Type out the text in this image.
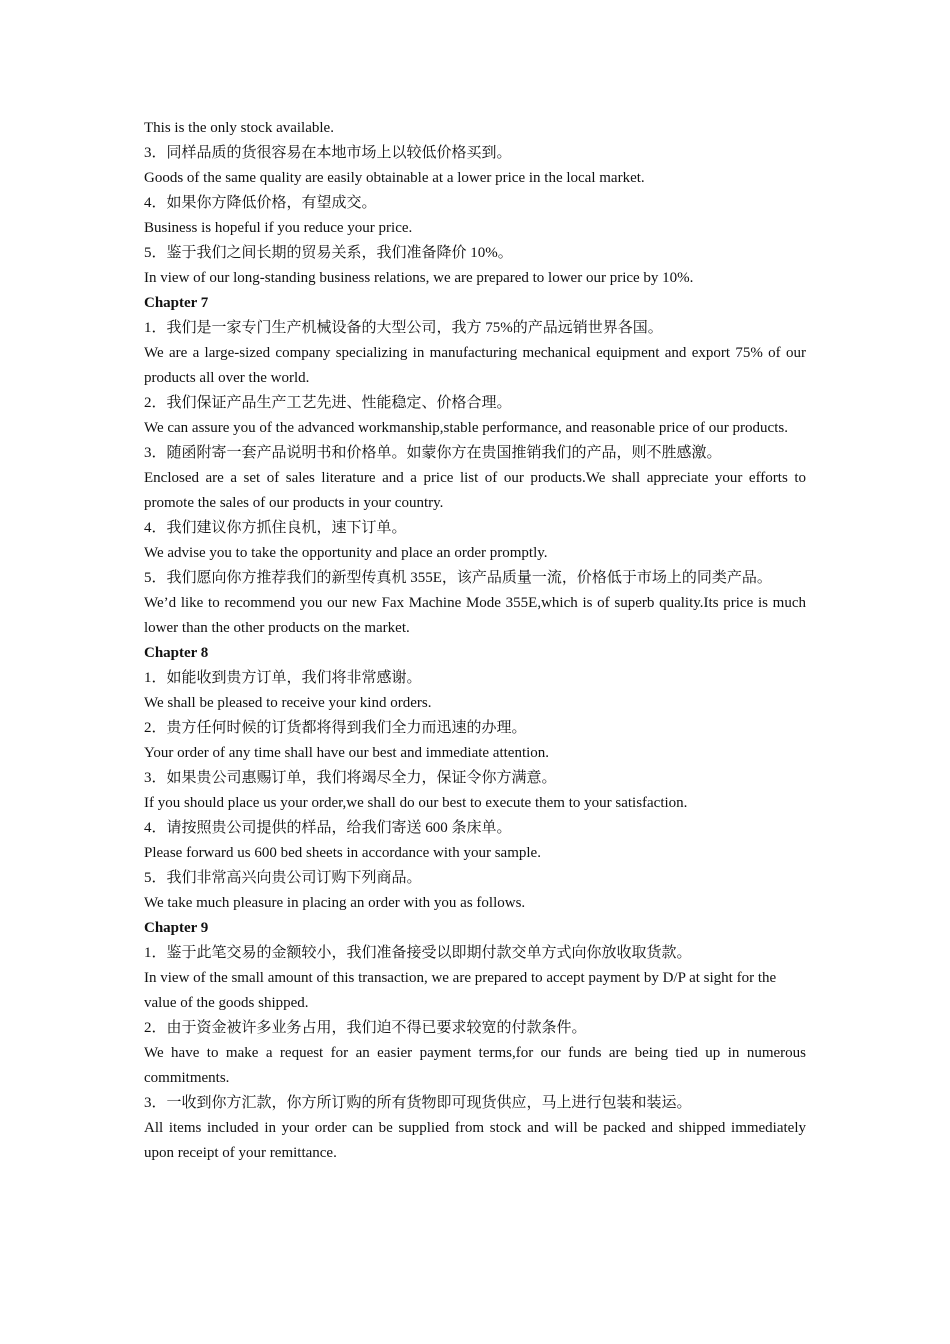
This is the only stock available.

3．同样品质的货很容易在本地市场上以较低价格买到。

Goods of the same quality are easily obtainable at a lower price in the local market.

4．如果你方降低价格，有望成交。

Business is hopeful if you reduce your price.

5．鉴于我们之间长期的贸易关系，我们准备降价 10%。

In view of our long-standing business relations, we are prepared to lower our price by 10%.

Chapter 7

1．我们是一家专门生产机械设备的大型公司，我方 75%的产品远销世界各国。

We are a large-sized company specializing in manufacturing mechanical equipment and export 75% of our products all over the world.

2．我们保证产品生产工艺先进、性能稳定、价格合理。

We can assure you of the advanced workmanship,stable performance, and reasonable price of our products.

3．随函附寄一套产品说明书和价格单。如蒙你方在贵国推销我们的产品，则不胜感激。

Enclosed are a set of sales literature and a price list of our products.We shall appreciate your efforts to promote the sales of our products in your country.

4．我们建议你方抓住良机，速下订单。

We advise you to take the opportunity and place an order promptly.

5．我们愿向你方推荐我们的新型传真机 355E，该产品质量一流，价格低于市场上的同类产品。

We’d like to recommend you our new Fax Machine Mode 355E,which is of superb quality.Its price is much lower than the other products on the market.

Chapter 8

1．如能收到贵方订单，我们将非常感谢。

We shall be pleased to receive your kind orders.

2．贵方任何时候的订货都将得到我们全力而迅速的办理。

Your order of any time shall have our best and immediate attention.

3．如果贵公司惠赐订单，我们将竭尽全力，保证令你方满意。

If you should place us your order,we shall do our best to execute them to your satisfaction.

4．请按照贵公司提供的样品，给我们寄送 600 条床单。

Please forward us 600 bed sheets in accordance with your sample.

5．我们非常高兴向贵公司订购下列商品。

We take much pleasure in placing an order with you as follows.

Chapter 9

1．鉴于此笔交易的金额较小，我们准备接受以即期付款交单方式向你放收取货款。

In view of the small amount of this transaction, we are prepared to accept payment by D/P at sight for the value of the goods shipped.

2．由于资金被许多业务占用，我们迫不得已要求较宽的付款条件。

We have to make a request for an easier payment terms,for our funds are being tied up in numerous commitments.

3．一收到你方汇款，你方所订购的所有货物即可现货供应，马上进行包装和装运。

All items included in your order can be supplied from stock and will be packed and shipped immediately upon receipt of your remittance.
